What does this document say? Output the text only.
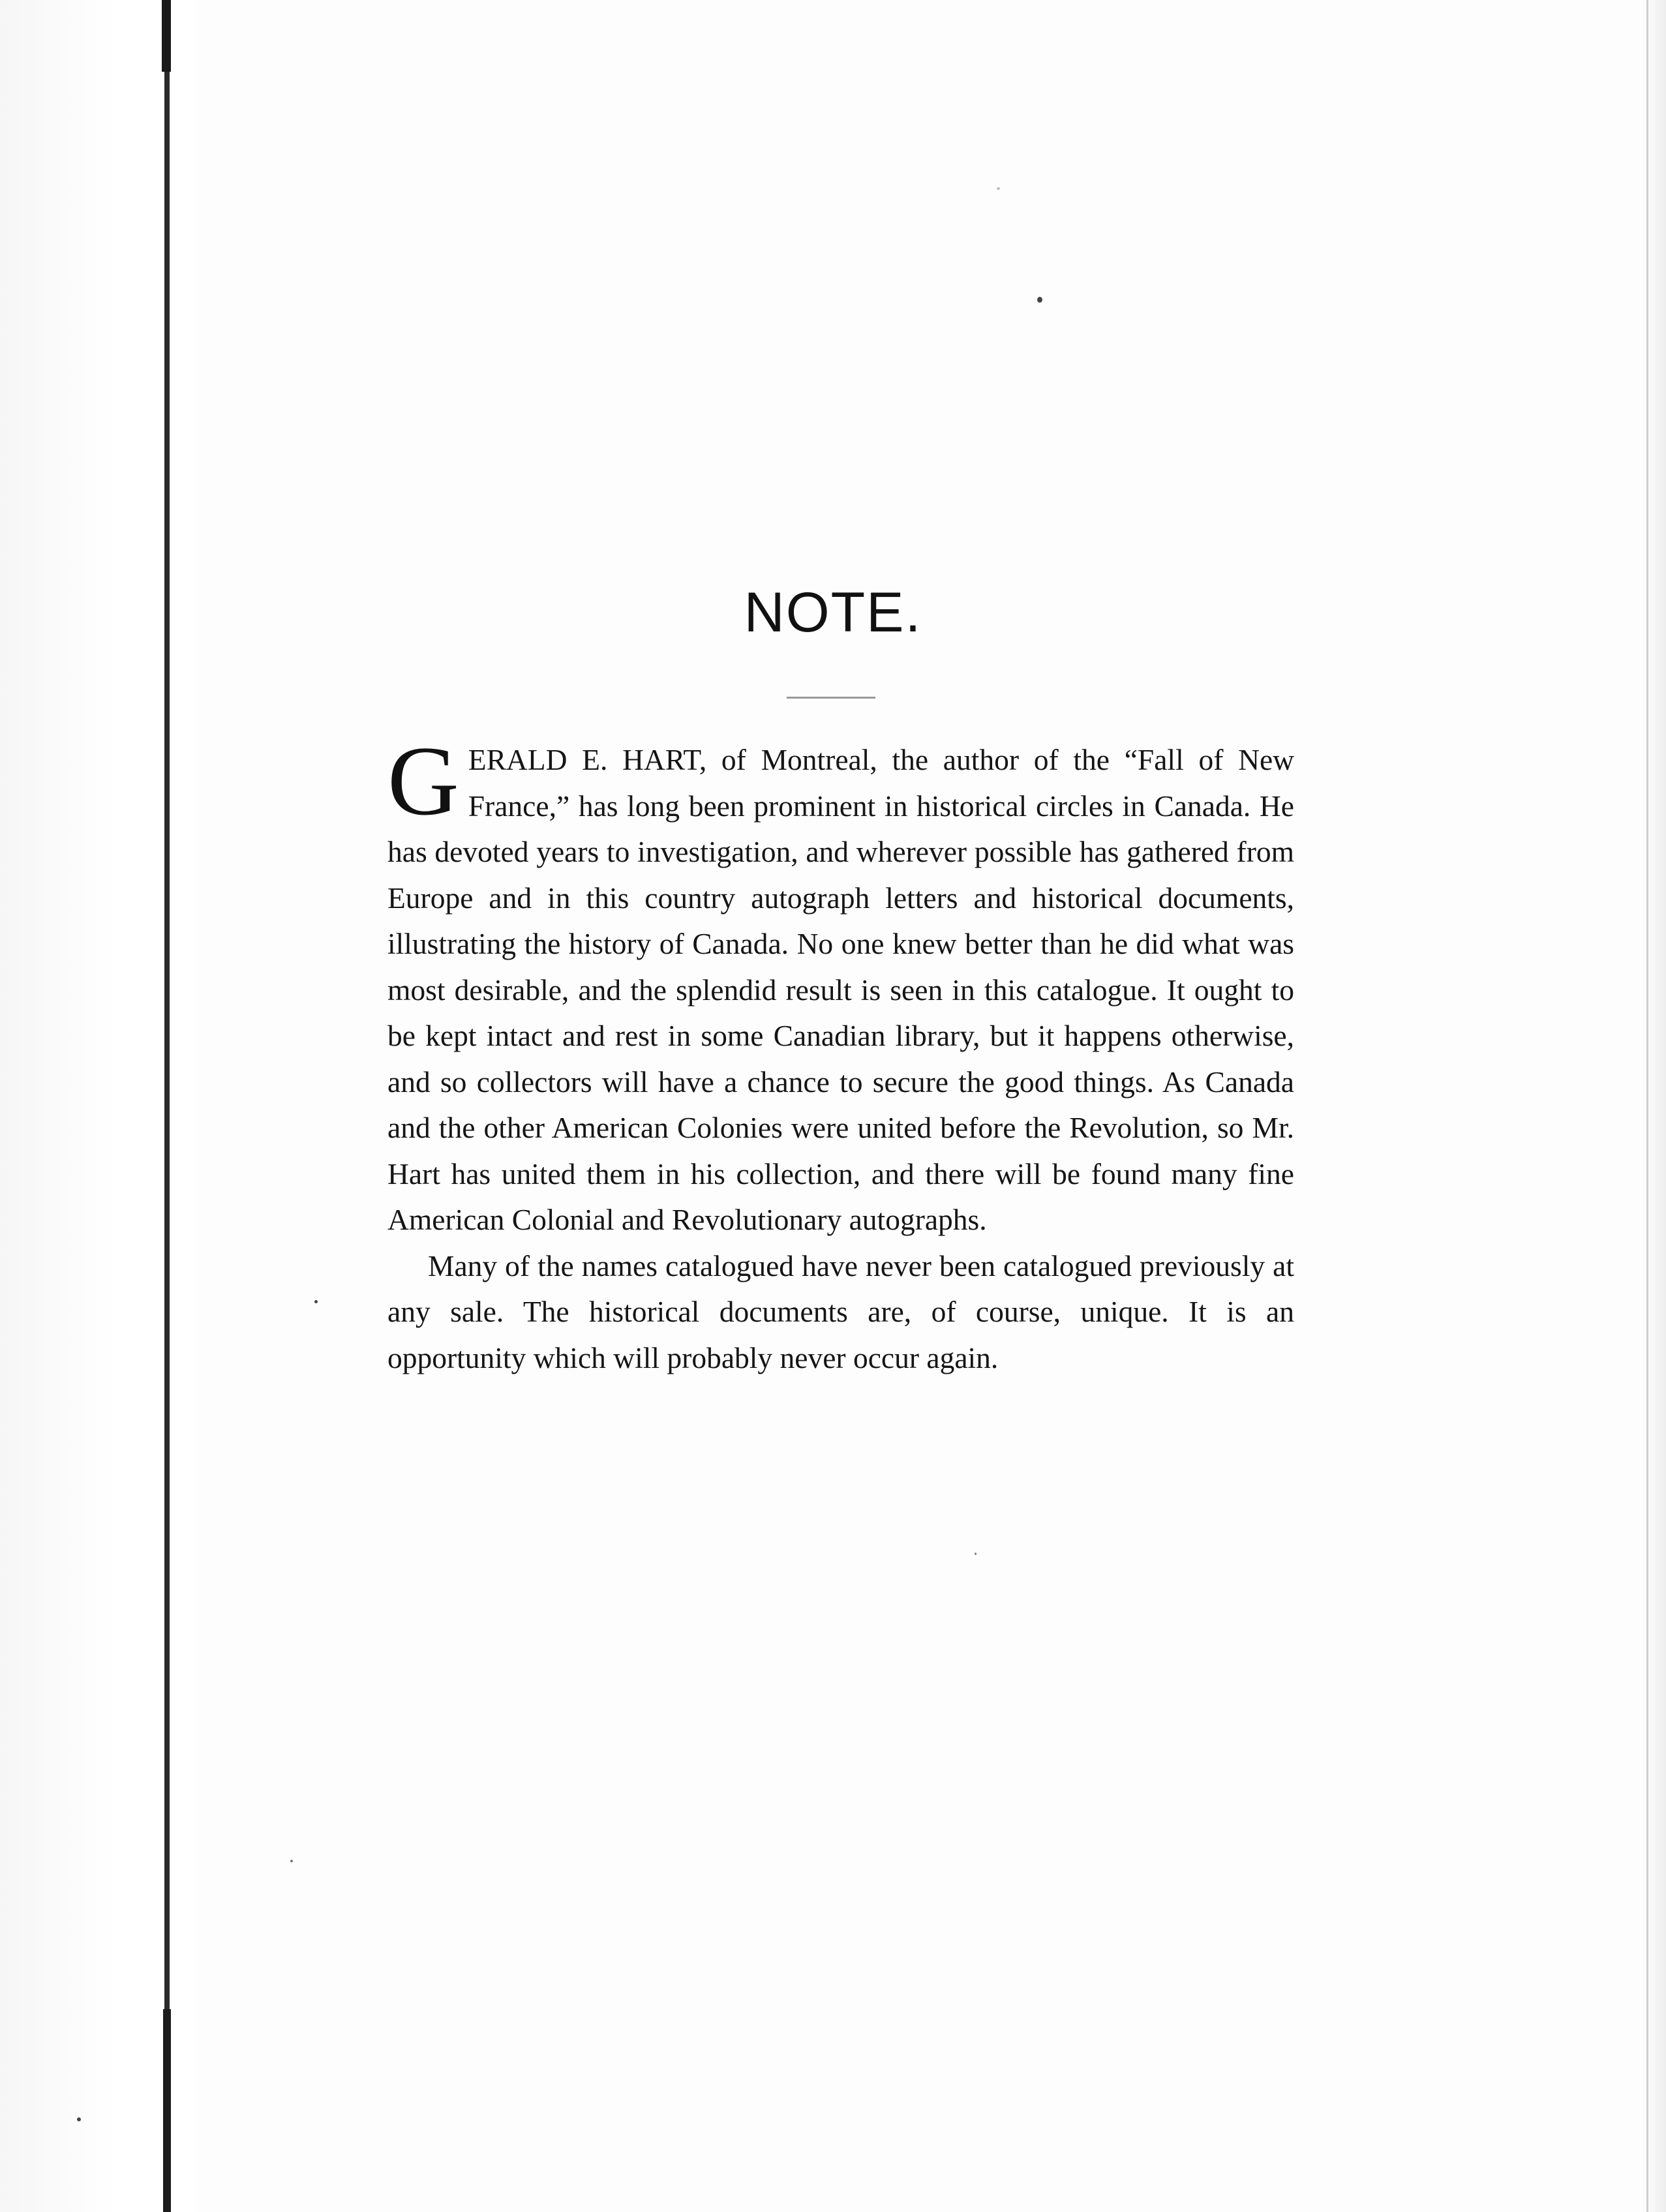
NOTE.

GERALD E. HART, of Montreal, the author of the “Fall of New France,” has long been prominent in historical circles in Canada. He has devoted years to investigation, and wherever possible has gathered from Europe and in this country autograph letters and historical documents, illustrating the history of Canada. No one knew better than he did what was most desirable, and the splendid result is seen in this catalogue. It ought to be kept intact and rest in some Canadian library, but it happens otherwise, and so collectors will have a chance to secure the good things. As Canada and the other American Colonies were united before the Revolution, so Mr. Hart has united them in his collection, and there will be found many fine American Colonial and Revolutionary autographs.

Many of the names catalogued have never been catalogued previously at any sale. The historical documents are, of course, unique. It is an opportunity which will probably never occur again.
